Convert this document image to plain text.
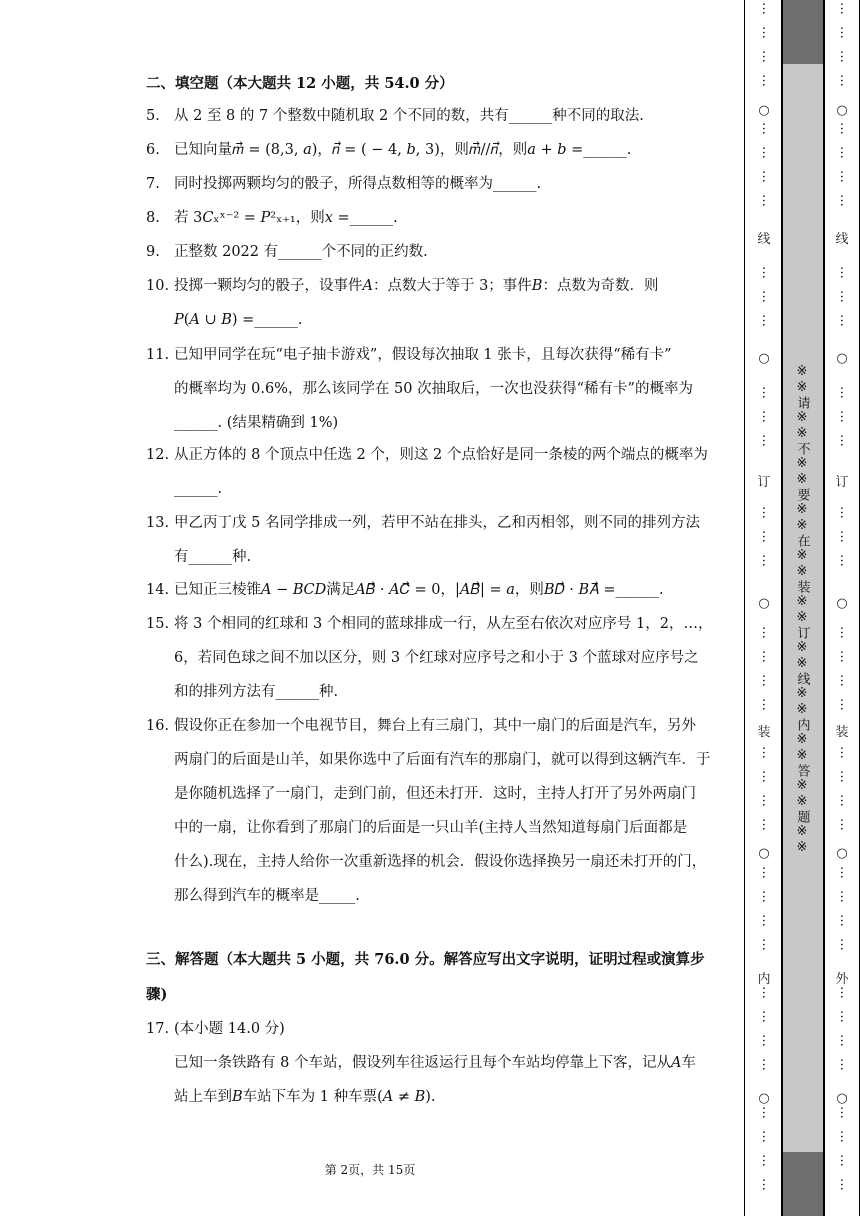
二、填空题（本大题共 12 小题，共 54.0 分）
5. 从 2 至 8 的 7 个整数中随机取 2 个不同的数，共有______种不同的取法.
6. 已知向量𝑚⃗ = (8,3, 𝑎)，𝑛⃗ = ( − 4, 𝑏, 3)，则𝑚⃗//𝑛⃗，则𝑎 + 𝑏 =______.
7. 同时投掷两颗均匀的骰子，所得点数相等的概率为______.
8. 若 3𝐶ₓˣ⁻² = 𝑃²ₓ₊₁，则𝑥 =______.
9. 正整数 2022 有______个不同的正约数.
10. 投掷一颗均匀的骰子，设事件𝐴：点数大于等于 3；事件𝐵：点数为奇数．则
𝑃(𝐴 ∪ 𝐵) =______.
11. 已知甲同学在玩“电子抽卡游戏”，假设每次抽取 1 张卡，且每次获得“稀有卡”
的概率均为 0.6%，那么该同学在 50 次抽取后，一次也没获得“稀有卡”的概率为
______. (结果精确到 1%)
12. 从正方体的 8 个顶点中任选 2 个，则这 2 个点恰好是同一条棱的两个端点的概率为
______.
13. 甲乙丙丁戊 5 名同学排成一列，若甲不站在排头，乙和丙相邻，则不同的排列方法
有______种.
14. 已知正三棱锥𝐴 − 𝐵𝐶𝐷满足𝐴𝐵⃗ · 𝐴𝐶⃗ = 0，|𝐴𝐵⃗| = 𝑎，则𝐵𝐷⃗ · 𝐵𝐴⃗ =______.
15. 将 3 个相同的红球和 3 个相同的蓝球排成一行，从左至右依次对应序号 1，2，…，
6，若同色球之间不加以区分，则 3 个红球对应序号之和小于 3 个蓝球对应序号之
和的排列方法有______种.
16. 假设你正在参加一个电视节目，舞台上有三扇门，其中一扇门的后面是汽车，另外
两扇门的后面是山羊，如果你选中了后面有汽车的那扇门，就可以得到这辆汽车．于
是你随机选择了一扇门，走到门前，但还未打开．这时，主持人打开了另外两扇门
中的一扇，让你看到了那扇门的后面是一只山羊(主持人当然知道每扇门后面都是
什么).现在，主持人给你一次重新选择的机会．假设你选择换另一扇还未打开的门，
那么得到汽车的概率是_____.
三、解答题（本大题共 5 小题，共 76.0 分。解答应写出文字说明，证明过程或演算步
骤)
17. (本小题 14.0 分)
已知一条铁路有 8 个车站，假设列车往返运行且每个车站均停靠上下客，记从𝐴车
站上车到𝐵车站下车为 1 种车票(𝐴 ≠ 𝐵).
第 2页，共 15页
○
○
○
○
○
线
订
装
内
…
…
…
…
…
…
…
…
…
…
…
…
…
…
…
…
…
…
…
…
…
…
…
…
…
…
…
…
…
…
…
…
…
…
…
…
…
※※请※※不※※要※※在※※装※※订※※线※※内※※答※※题※※
○
○
○
○
○
线
订
装
外
…
…
…
…
…
…
…
…
…
…
…
…
…
…
…
…
…
…
…
…
…
…
…
…
…
…
…
…
…
…
…
…
…
…
…
…
…
